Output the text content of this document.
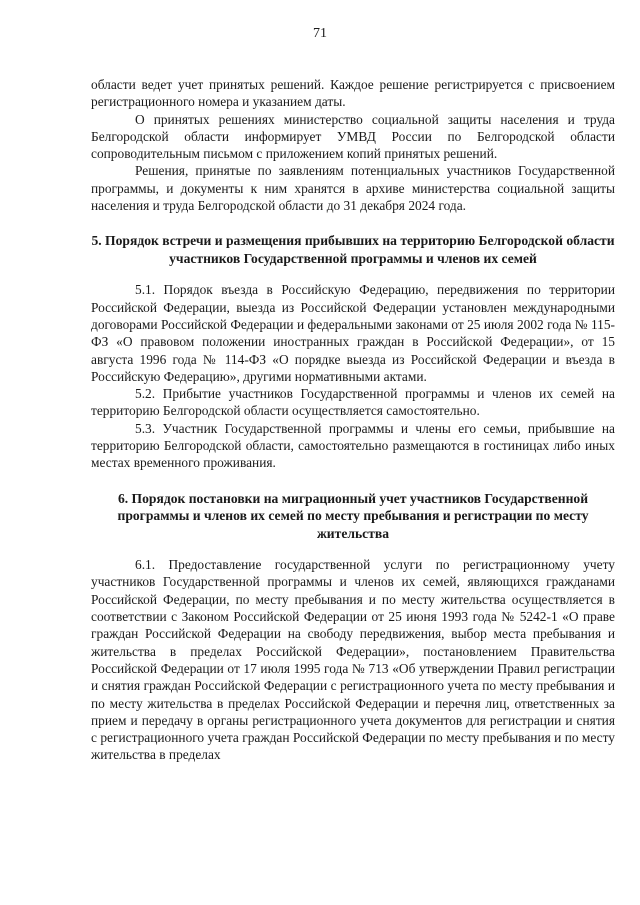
71

области ведет учет принятых решений. Каждое решение регистрируется с присвоением регистрационного номера и указанием даты.

О принятых решениях министерство социальной защиты населения и труда Белгородской области информирует УМВД России по Белгородской области сопроводительным письмом с приложением копий принятых решений.

Решения, принятые по заявлениям потенциальных участников Государственной программы, и документы к ним хранятся в архиве министерства социальной защиты населения и труда Белгородской области до 31 декабря 2024 года.

5. Порядок встречи и размещения прибывших на территорию Белгородской области участников Государственной программы и членов их семей

5.1. Порядок въезда в Российскую Федерацию, передвижения по территории Российской Федерации, выезда из Российской Федерации установлен международными договорами Российской Федерации и федеральными законами от 25 июля 2002 года № 115-ФЗ «О правовом положении иностранных граждан в Российской Федерации», от 15 августа 1996 года № 114-ФЗ «О порядке выезда из Российской Федерации и въезда в Российскую Федерацию», другими нормативными актами.

5.2. Прибытие участников Государственной программы и членов их семей на территорию Белгородской области осуществляется самостоятельно.

5.3. Участник Государственной программы и члены его семьи, прибывшие на территорию Белгородской области, самостоятельно размещаются в гостиницах либо иных местах временного проживания.

6. Порядок постановки на миграционный учет участников Государственной программы и членов их семей по месту пребывания и регистрации по месту жительства

6.1. Предоставление государственной услуги по регистрационному учету участников Государственной программы и членов их семей, являющихся гражданами Российской Федерации, по месту пребывания и по месту жительства осуществляется в соответствии с Законом Российской Федерации от 25 июня 1993 года № 5242-1 «О праве граждан Российской Федерации на свободу передвижения, выбор места пребывания и жительства в пределах Российской Федерации», постановлением Правительства Российской Федерации от 17 июля 1995 года № 713 «Об утверждении Правил регистрации и снятия граждан Российской Федерации с регистрационного учета по месту пребывания и по месту жительства в пределах Российской Федерации и перечня лиц, ответственных за прием и передачу в органы регистрационного учета документов для регистрации и снятия с регистрационного учета граждан Российской Федерации по месту пребывания и по месту жительства в пределах
